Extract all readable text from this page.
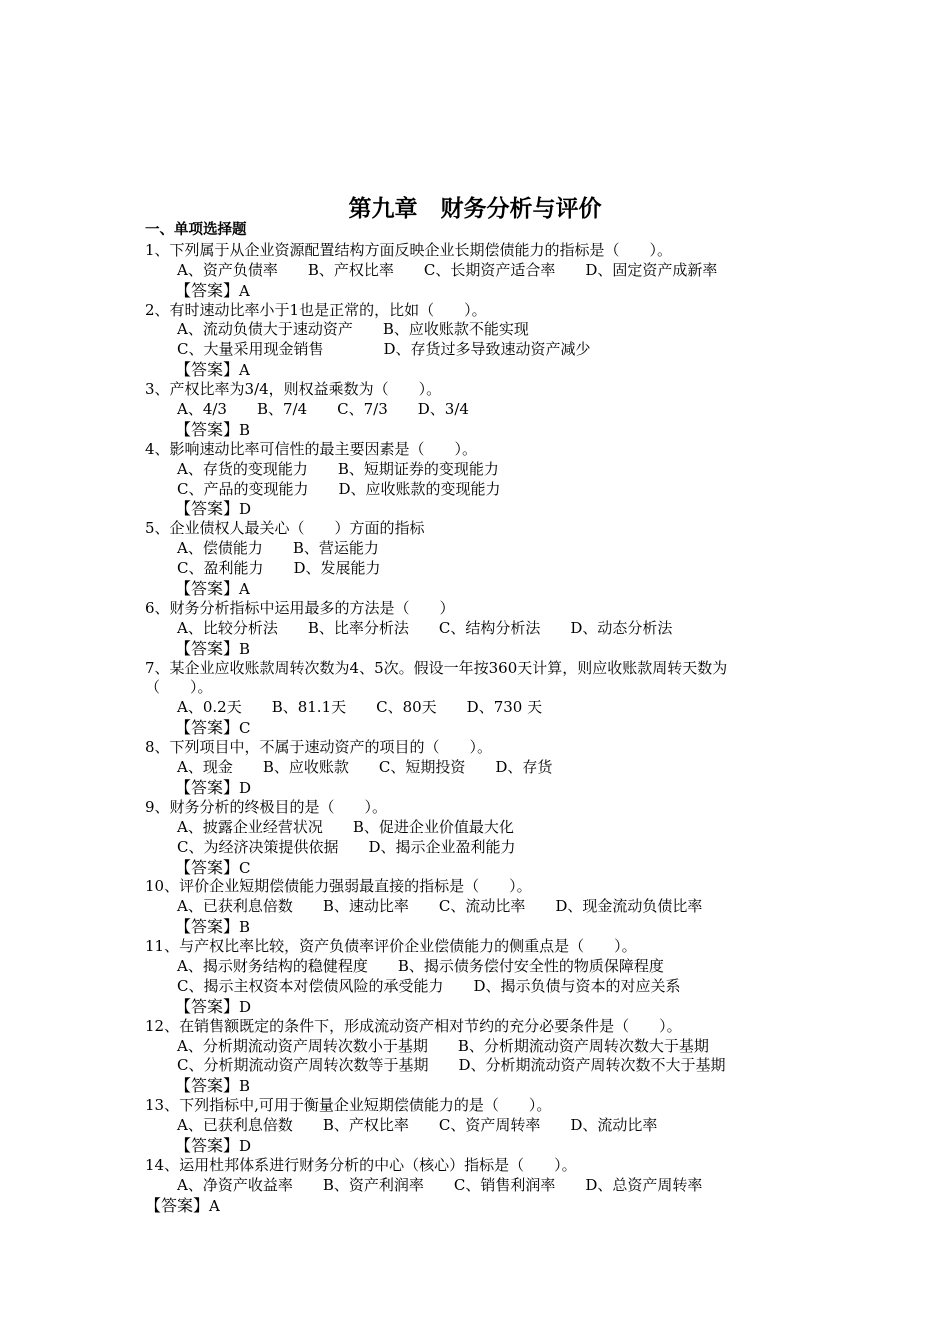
第九章　财务分析与评价
一、单项选择题
1、下列属于从企业资源配置结构方面反映企业长期偿债能力的指标是（　　）。
A、资产负债率　　B、产权比率　　C、长期资产适合率　　D、固定资产成新率
【答案】A
2、有时速动比率小于1也是正常的，比如（　　）。
A、流动负债大于速动资产　　B、应收账款不能实现
C、大量采用现金销售　　　　D、存货过多导致速动资产减少
【答案】A
3、产权比率为3/4，则权益乘数为（　　）。
A、4/3　　B、7/4　　C、7/3　　D、3/4
【答案】B
4、影响速动比率可信性的最主要因素是（　　）。
A、存货的变现能力　　B、短期证券的变现能力
C、产品的变现能力　　D、应收账款的变现能力
【答案】D
5、企业债权人最关心（　　）方面的指标
A、偿债能力　　B、营运能力
C、盈利能力　　D、发展能力
【答案】A
6、财务分析指标中运用最多的方法是（　　）
A、比较分析法　　B、比率分析法　　C、结构分析法　　D、动态分析法
【答案】B
7、某企业应收账款周转次数为4、5次。假设一年按360天计算，则应收账款周转天数为
（　　）。
A、0.2天　　B、81.1天　　C、80天　　D、730 天
【答案】C
8、下列项目中，不属于速动资产的项目的（　　）。
A、现金　　B、应收账款　　C、短期投资　　D、存货
【答案】D
9、财务分析的终极目的是（　　）。
A、披露企业经营状况　　B、促进企业价值最大化
C、为经济决策提供依据　　D、揭示企业盈利能力
【答案】C
10、评价企业短期偿债能力强弱最直接的指标是（　　）。
A、已获利息倍数　　B、速动比率　　C、流动比率　　D、现金流动负债比率
【答案】B
11、与产权比率比较，资产负债率评价企业偿债能力的侧重点是（　　）。
A、揭示财务结构的稳健程度　　B、揭示债务偿付安全性的物质保障程度
C、揭示主权资本对偿债风险的承受能力　　D、揭示负债与资本的对应关系
【答案】D
12、在销售额既定的条件下，形成流动资产相对节约的充分必要条件是（　　）。
A、分析期流动资产周转次数小于基期　　B、分析期流动资产周转次数大于基期
C、分析期流动资产周转次数等于基期　　D、分析期流动资产周转次数不大于基期
【答案】B
13、下列指标中,可用于衡量企业短期偿债能力的是（　　）。
A、已获利息倍数　　B、产权比率　　C、资产周转率　　D、流动比率
【答案】D
14、运用杜邦体系进行财务分析的中心（核心）指标是（　　）。
A、净资产收益率　　B、资产利润率　　C、销售利润率　　D、总资产周转率
【答案】A
